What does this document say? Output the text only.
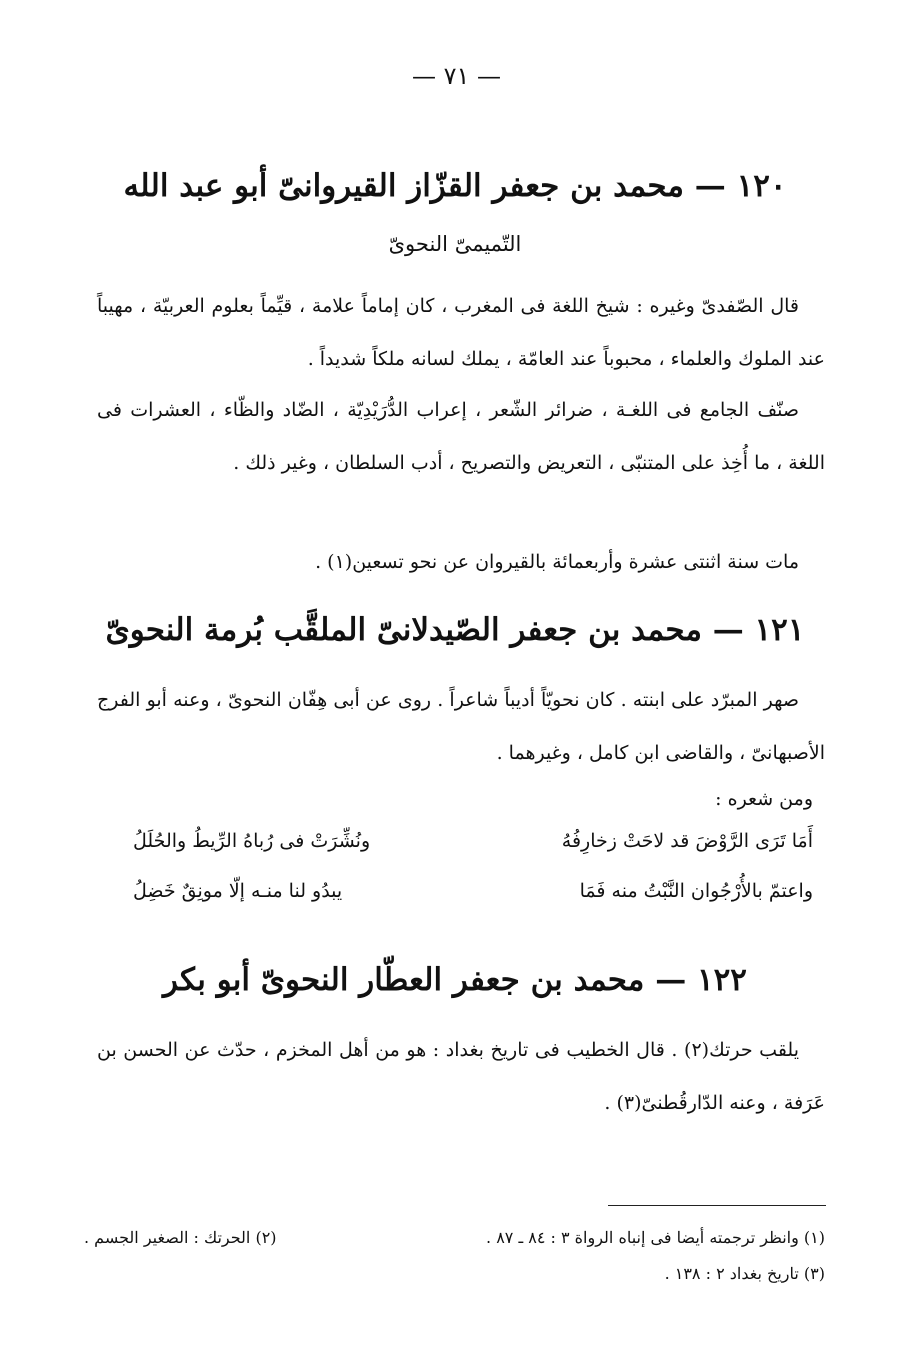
— ٧١ —
١٢٠ — محمد بن جعفر القزّاز القيروانىّ أبو عبد الله
التّميمىّ النحوىّ
قال الصّفدىّ وغيره : شيخ اللغة فى المغرب ، كان إماماً علامة ، قيِّماً بعلوم العربيّة ، مهيباً عند الملوك والعلماء ، محبوباً عند العامّة ، يملك لسانه ملكاً شديداً .
صنّف الجامع فى اللغـة ، ضرائر الشّعر ، إعراب الدُّرَيْدِيّة ، الضّاد والظّاء ، العشرات فى اللغة ، ما أُخِذ على المتنبّى ، التعريض والتصريح ، أدب السلطان ، وغير ذلك .
مات سنة اثنتى عشرة وأربعمائة بالقيروان عن نحو تسعين(١) .
١٢١ — محمد بن جعفر الصّيدلانىّ الملقَّب بُرمة النحوىّ
صهر المبرّد على ابنته . كان نحويّاً أديباً شاعراً . روى عن أبى هِفّان النحوىّ ، وعنه أبو الفرج الأصبهانىّ ، والقاضى ابن كامل ، وغيرهما .
ومن شعره :
أَمَا تَرَى الرَّوْضَ قد لاحَتْ زخارِفُهُ
ونُشِّرَتْ فى رُباهُ الرِّيطُ والحُلَلُ
واعتمّ بالأُرْجُوان النَّبْتُ منه فَمَا
يبدُو لنا منـه إلّا مونِقٌ خَضِلُ
١٢٢ — محمد بن جعفر العطّار النحوىّ أبو بكر
يلقب حرتك(٢) . قال الخطيب فى تاريخ بغداد : هو من أهل المخزم ، حدّث عن الحسن بن عَرَفة ، وعنه الدّارقُطنىّ(٣) .
(١) وانظر ترجمته أيضا فى إنباه الرواة ٣ : ٨٤ ـ ٨٧ .
(٢) الحرتك : الصغير الجسم .
(٣) تاريخ بغداد ٢ : ١٣٨ .
